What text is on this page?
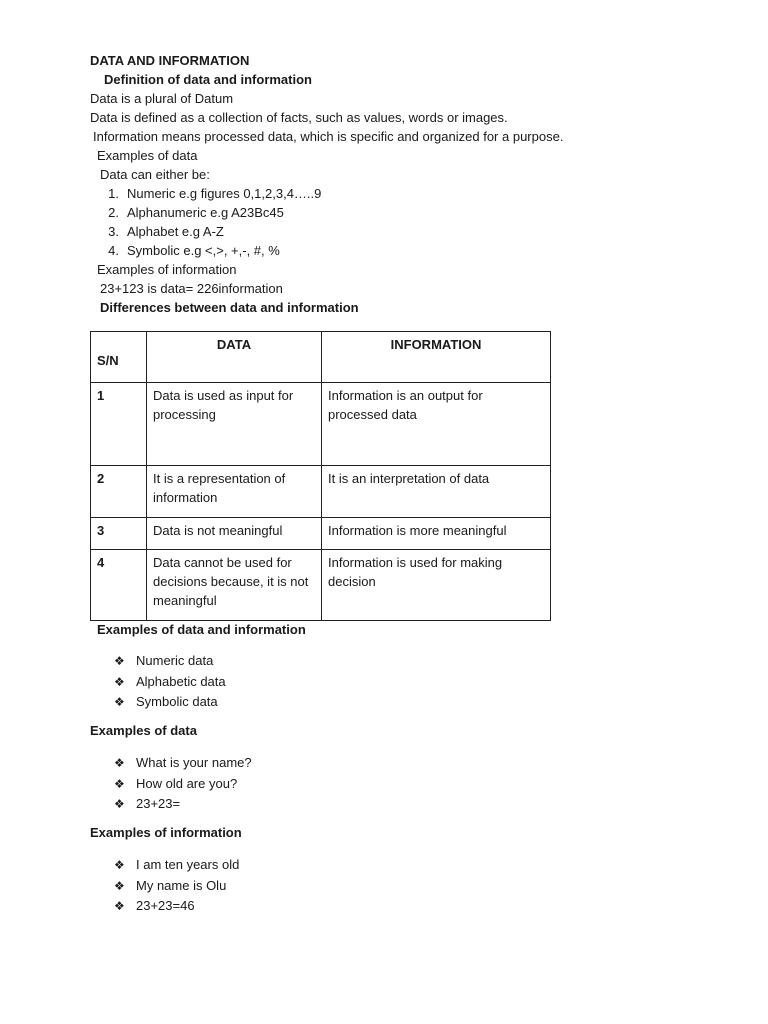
DATA AND INFORMATION
Definition of data and information
Data is a plural of Datum
Data is defined as a collection of facts, such as values, words or images.
Information means processed data, which is specific and organized for a purpose.
Examples of data
Data can either be:
1. Numeric e.g figures 0,1,2,3,4…..9
2. Alphanumeric e.g A23Bc45
3. Alphabet e.g A-Z
4. Symbolic e.g <,>, +,-, #, %
Examples of information
23+123 is data= 226information
Differences between data and information
S/N	DATA	INFORMATION
1	Data is used as input for processing	Information is an output for processed data
2	It is a representation of information	It is an interpretation of data
3	Data is not meaningful	Information is more meaningful
4	Data cannot be used for decisions because, it is not meaningful	Information is used for making decision
Examples of data and information
❖ Numeric data
❖ Alphabetic data
❖ Symbolic data
Examples of data
❖ What is your name?
❖ How old are you?
❖ 23+23=
Examples of information
❖ I am ten years old
❖ My name is Olu
❖ 23+23=46
